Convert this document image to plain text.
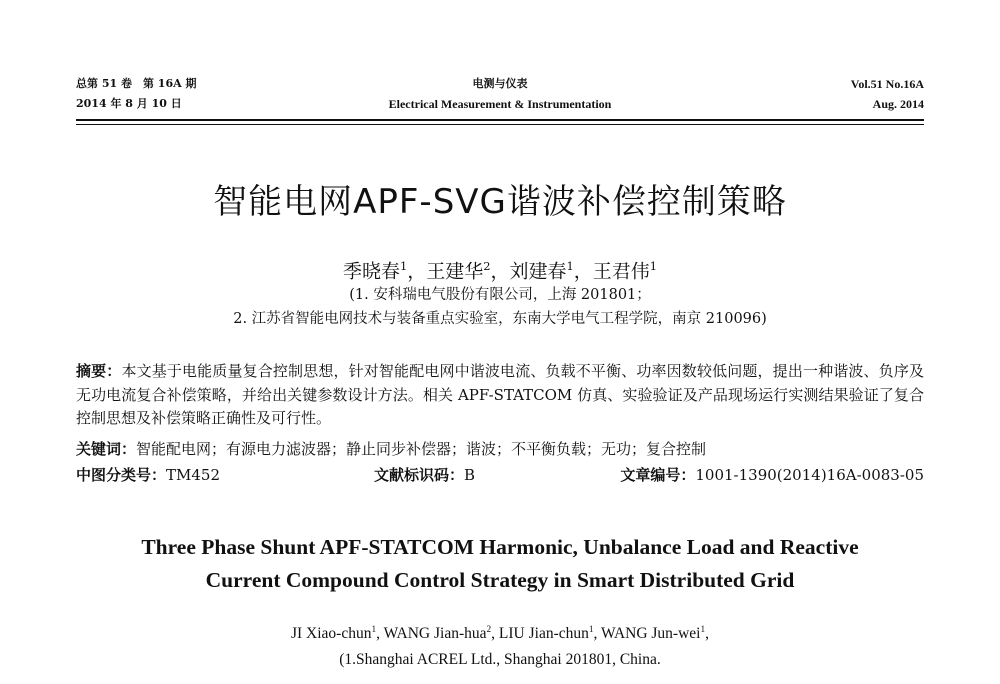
总第 51 卷　第 16A 期
2014 年 8 月 10 日
电测与仪表
Electrical Measurement & Instrumentation
Vol.51 No.16A
Aug. 2014
智能电网APF-SVG谐波补偿控制策略
季晓春$^1$，王建华$^2$，刘建春$^1$，王君伟$^1$
(1. 安科瑞电气股份有限公司，上海 201801；
2. 江苏省智能电网技术与装备重点实验室，东南大学电气工程学院，南京 210096)
摘要：本文基于电能质量复合控制思想，针对智能配电网中谐波电流、负载不平衡、功率因数较低问题，提出一种谐波、负序及无功电流复合补偿策略，并给出关键参数设计方法。相关 APF-STATCOM 仿真、实验验证及产品现场运行实测结果验证了复合控制思想及补偿策略正确性及可行性。
关键词：智能配电网；有源电力滤波器；静止同步补偿器；谐波；不平衡负载；无功；复合控制
中图分类号：TM452	文献标识码：B	文章编号：1001-1390(2014)16A-0083-05
Three Phase Shunt APF-STATCOM Harmonic, Unbalance Load and Reactive
Current Compound Control Strategy in Smart Distributed Grid
JI Xiao-chun$^1$, WANG Jian-hua$^2$, LIU Jian-chun$^1$, WANG Jun-wei$^1$,
(1.Shanghai ACREL Ltd., Shanghai 201801, China.
